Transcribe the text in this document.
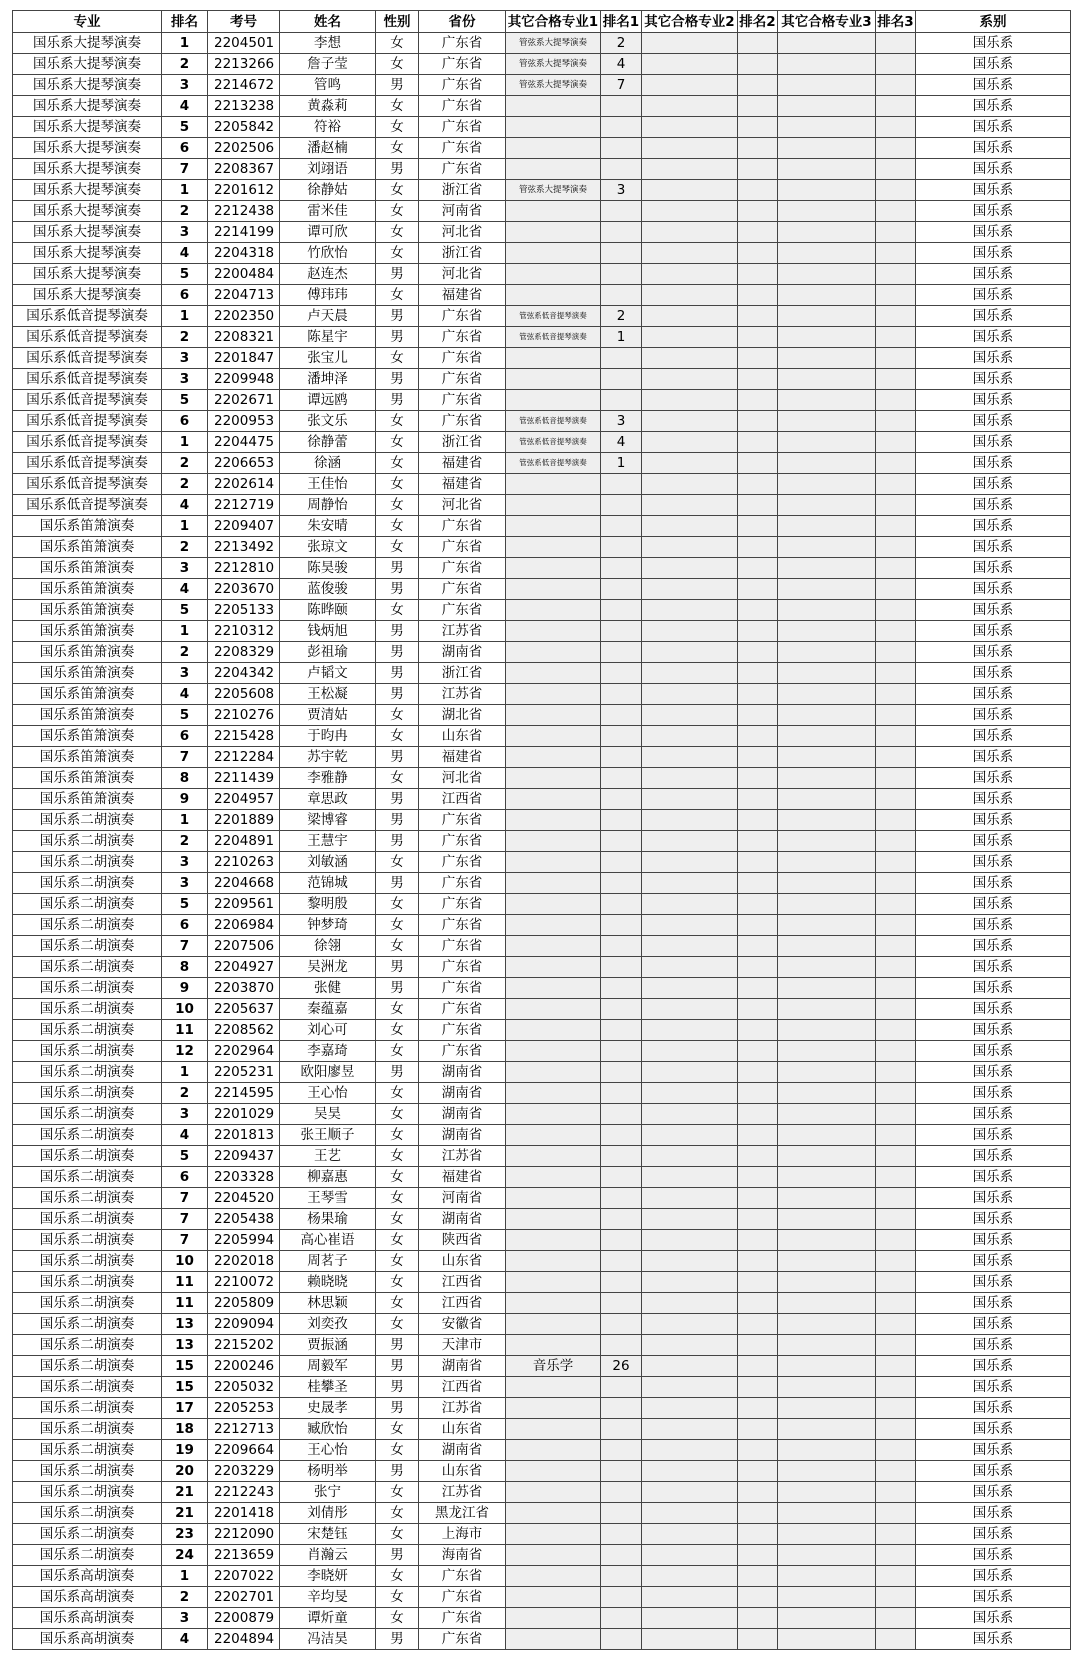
专业	排名	考号	姓名	性别	省份	其它合格专业1	排名1	其它合格专业2	排名2	其它合格专业3	排名3	系别
国乐系大提琴演奏	1	2204501	李想	女	广东省	管弦系大提琴演奏	2					国乐系
国乐系大提琴演奏	2	2213266	詹子莹	女	广东省	管弦系大提琴演奏	4					国乐系
国乐系大提琴演奏	3	2214672	管鸣	男	广东省	管弦系大提琴演奏	7					国乐系
国乐系大提琴演奏	4	2213238	黄淼莉	女	广东省							国乐系
国乐系大提琴演奏	5	2205842	符裕	女	广东省							国乐系
国乐系大提琴演奏	6	2202506	潘赵楠	女	广东省							国乐系
国乐系大提琴演奏	7	2208367	刘翊语	男	广东省							国乐系
国乐系大提琴演奏	1	2201612	徐静姑	女	浙江省	管弦系大提琴演奏	3					国乐系
国乐系大提琴演奏	2	2212438	雷米佳	女	河南省							国乐系
国乐系大提琴演奏	3	2214199	谭可欣	女	河北省							国乐系
国乐系大提琴演奏	4	2204318	竹欣怡	女	浙江省							国乐系
国乐系大提琴演奏	5	2200484	赵连杰	男	河北省							国乐系
国乐系大提琴演奏	6	2204713	傅玮玮	女	福建省							国乐系
国乐系低音提琴演奏	1	2202350	卢天晨	男	广东省	管弦系低音提琴演奏	2					国乐系
国乐系低音提琴演奏	2	2208321	陈星宇	男	广东省	管弦系低音提琴演奏	1					国乐系
国乐系低音提琴演奏	3	2201847	张宝儿	女	广东省							国乐系
国乐系低音提琴演奏	3	2209948	潘坤泽	男	广东省							国乐系
国乐系低音提琴演奏	5	2202671	谭远鸥	男	广东省							国乐系
国乐系低音提琴演奏	6	2200953	张文乐	女	广东省	管弦系低音提琴演奏	3					国乐系
国乐系低音提琴演奏	1	2204475	徐静蕾	女	浙江省	管弦系低音提琴演奏	4					国乐系
国乐系低音提琴演奏	2	2206653	徐涵	女	福建省	管弦系低音提琴演奏	1					国乐系
国乐系低音提琴演奏	2	2202614	王佳怡	女	福建省							国乐系
国乐系低音提琴演奏	4	2212719	周静怡	女	河北省							国乐系
国乐系笛箫演奏	1	2209407	朱安晴	女	广东省							国乐系
国乐系笛箫演奏	2	2213492	张琼文	女	广东省							国乐系
国乐系笛箫演奏	3	2212810	陈昊骏	男	广东省							国乐系
国乐系笛箫演奏	4	2203670	蓝俊骏	男	广东省							国乐系
国乐系笛箫演奏	5	2205133	陈晔颐	女	广东省							国乐系
国乐系笛箫演奏	1	2210312	钱炳旭	男	江苏省							国乐系
国乐系笛箫演奏	2	2208329	彭祖瑜	男	湖南省							国乐系
国乐系笛箫演奏	3	2204342	卢韬文	男	浙江省							国乐系
国乐系笛箫演奏	4	2205608	王松凝	男	江苏省							国乐系
国乐系笛箫演奏	5	2210276	贾清姑	女	湖北省							国乐系
国乐系笛箫演奏	6	2215428	于昀冉	女	山东省							国乐系
国乐系笛箫演奏	7	2212284	苏宇乾	男	福建省							国乐系
国乐系笛箫演奏	8	2211439	李雅静	女	河北省							国乐系
国乐系笛箫演奏	9	2204957	章思政	男	江西省							国乐系
国乐系二胡演奏	1	2201889	梁博睿	男	广东省							国乐系
国乐系二胡演奏	2	2204891	王慧宇	男	广东省							国乐系
国乐系二胡演奏	3	2210263	刘敏涵	女	广东省							国乐系
国乐系二胡演奏	3	2204668	范锦城	男	广东省							国乐系
国乐系二胡演奏	5	2209561	黎明殷	女	广东省							国乐系
国乐系二胡演奏	6	2206984	钟梦琦	女	广东省							国乐系
国乐系二胡演奏	7	2207506	徐翎	女	广东省							国乐系
国乐系二胡演奏	8	2204927	吴洲龙	男	广东省							国乐系
国乐系二胡演奏	9	2203870	张健	男	广东省							国乐系
国乐系二胡演奏	10	2205637	秦蕴嘉	女	广东省							国乐系
国乐系二胡演奏	11	2208562	刘心可	女	广东省							国乐系
国乐系二胡演奏	12	2202964	李嘉琦	女	广东省							国乐系
国乐系二胡演奏	1	2205231	欧阳廖昱	男	湖南省							国乐系
国乐系二胡演奏	2	2214595	王心怡	女	湖南省							国乐系
国乐系二胡演奏	3	2201029	吴昊	女	湖南省							国乐系
国乐系二胡演奏	4	2201813	张王顺子	女	湖南省							国乐系
国乐系二胡演奏	5	2209437	王艺	女	江苏省							国乐系
国乐系二胡演奏	6	2203328	柳嘉惠	女	福建省							国乐系
国乐系二胡演奏	7	2204520	王琴雪	女	河南省							国乐系
国乐系二胡演奏	7	2205438	杨果瑜	女	湖南省							国乐系
国乐系二胡演奏	7	2205994	高心崔语	女	陕西省							国乐系
国乐系二胡演奏	10	2202018	周茗子	女	山东省							国乐系
国乐系二胡演奏	11	2210072	赖晓晓	女	江西省							国乐系
国乐系二胡演奏	11	2205809	林思颖	女	江西省							国乐系
国乐系二胡演奏	13	2209094	刘奕孜	女	安徽省							国乐系
国乐系二胡演奏	13	2215202	贾振涵	男	天津市							国乐系
国乐系二胡演奏	15	2200246	周毅军	男	湖南省	音乐学	26					国乐系
国乐系二胡演奏	15	2205032	桂攀圣	男	江西省							国乐系
国乐系二胡演奏	17	2205253	史晟孝	男	江苏省							国乐系
国乐系二胡演奏	18	2212713	臧欣怡	女	山东省							国乐系
国乐系二胡演奏	19	2209664	王心怡	女	湖南省							国乐系
国乐系二胡演奏	20	2203229	杨明举	男	山东省							国乐系
国乐系二胡演奏	21	2212243	张宁	女	江苏省							国乐系
国乐系二胡演奏	21	2201418	刘倩彤	女	黑龙江省							国乐系
国乐系二胡演奏	23	2212090	宋楚钰	女	上海市							国乐系
国乐系二胡演奏	24	2213659	肖瀚云	男	海南省							国乐系
国乐系高胡演奏	1	2207022	李晓妍	女	广东省							国乐系
国乐系高胡演奏	2	2202701	辛均旻	女	广东省							国乐系
国乐系高胡演奏	3	2200879	谭炘童	女	广东省							国乐系
国乐系高胡演奏	4	2204894	冯洁昊	男	广东省							国乐系
